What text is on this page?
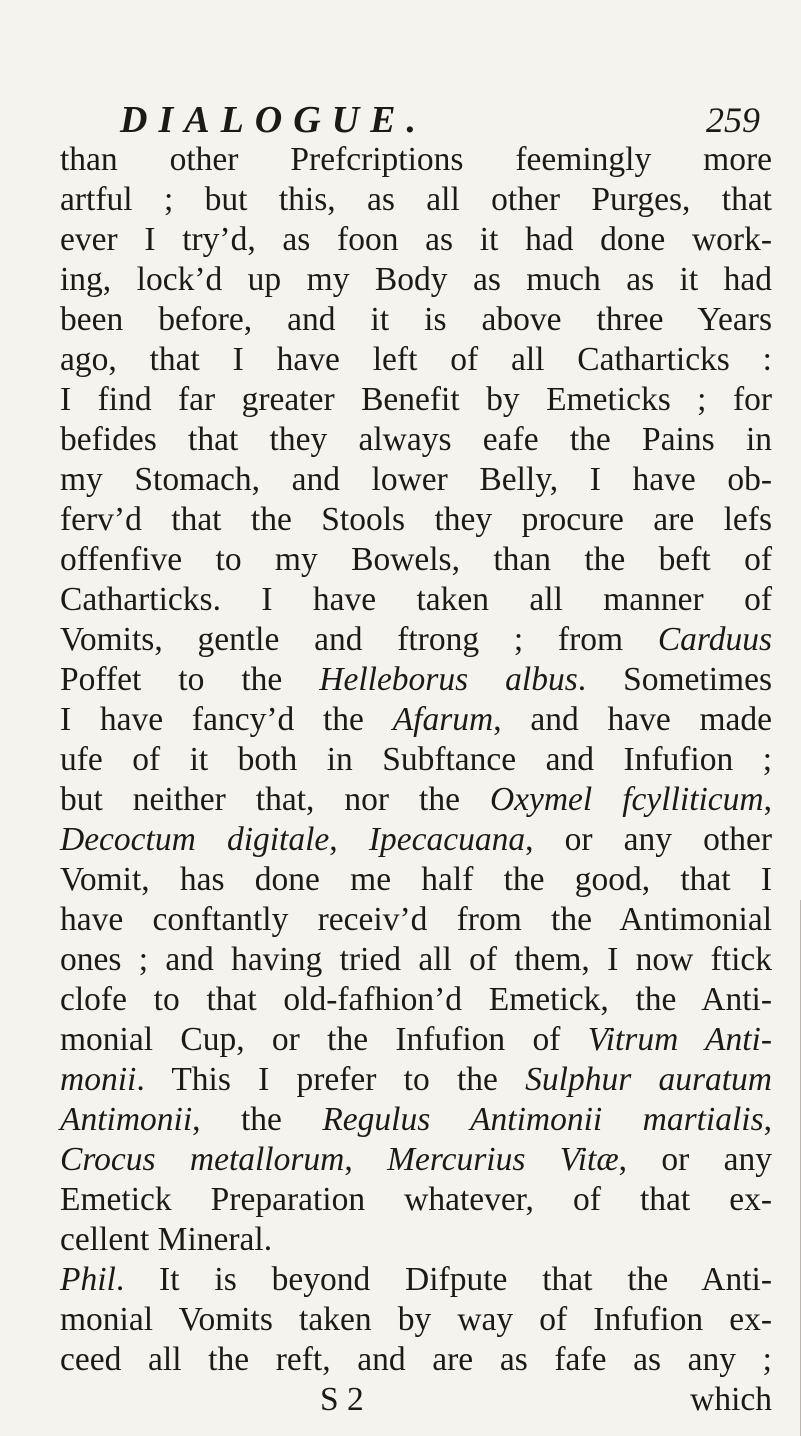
DIALOGUE.	259
than other Prefcriptions feemingly more
artful ; but this, as all other Purges, that
ever I try’d, as foon as it had done work-
ing, lock’d up my Body as much as it had
been before, and it is above three Years
ago, that I have left of all Catharticks :
I find far greater Benefit by Emeticks ; for
befides that they always eafe the Pains in
my Stomach, and lower Belly, I have ob-
ferv’d that the Stools they procure are lefs
offenfive to my Bowels, than the beft of
Catharticks. I have taken all manner of
Vomits, gentle and ftrong ; from Carduus
Poffet to the Helleborus albus. Sometimes
I have fancy’d the Afarum, and have made
ufe of it both in Subftance and Infufion ;
but neither that, nor the Oxymel fcylliticum,
Decoctum digitale, Ipecacuana, or any other
Vomit, has done me half the good, that I
have conftantly receiv’d from the Antimonial
ones ; and having tried all of them, I now ftick
clofe to that old-fafhion’d Emetick, the Anti-
monial Cup, or the Infufion of Vitrum Anti-
monii. This I prefer to the Sulphur auratum
Antimonii, the Regulus Antimonii martialis,
Crocus metallorum, Mercurius Vitæ, or any
Emetick Preparation whatever, of that ex-
cellent Mineral.
Phil. It is beyond Difpute that the Anti-
monial Vomits taken by way of Infufion ex-
ceed all the reft, and are as fafe as any ;
S 2	which
